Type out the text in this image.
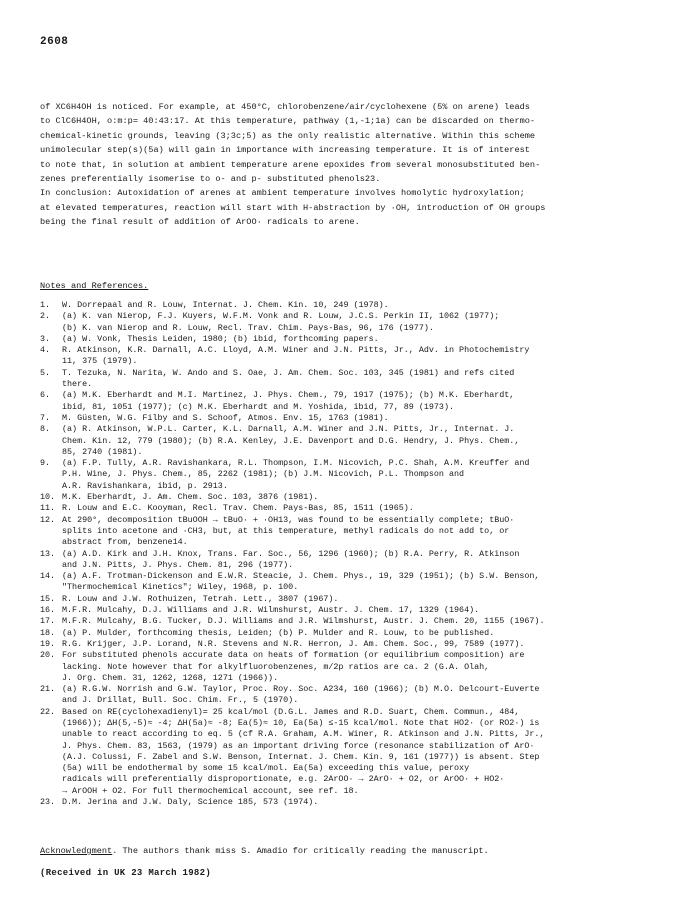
2608
of XC6H4OH is noticed. For example, at 450°C, chlorobenzene/air/cyclohexene (5% on arene) leads
to ClC6H4OH, o:m:p= 40:43:17. At this temperature, pathway (1,-1;1a) can be discarded on thermo-
chemical-kinetic grounds, leaving (3;3c;5) as the only realistic alternative. Within this scheme
unimolecular step(s)(5a) will gain in importance with increasing temperature. It is of interest
to note that, in solution at ambient temperature arene epoxides from several monosubstituted ben-
zenes preferentially isomerise to o- and p- substituted phenols23.
In conclusion: Autoxidation of arenes at ambient temperature involves homolytic hydroxylation;
at elevated temperatures, reaction will start with H-abstraction by ·OH, introduction of OH groups
being the final result of addition of ArOO· radicals to arene.
Notes and References.
1.	W. Dorrepaal and R. Louw, Internat. J. Chem. Kin. 10, 249 (1978).
2.	(a) K. van Nierop, F.J. Kuyers, W.F.M. Vonk and R. Louw, J.C.S. Perkin II, 1062 (1977);
(b) K. van Nierop and R. Louw, Recl. Trav. Chim. Pays-Bas, 96, 176 (1977).
3.	(a) W. Vonk, Thesis Leiden, 1980; (b) ibid, forthcoming papers.
4.	R. Atkinson, K.R. Darnall, A.C. Lloyd, A.M. Winer and J.N. Pitts, Jr., Adv. in Photochemistry
11, 375 (1979).
5.	T. Tezuka, N. Narita, W. Ando and S. Oae, J. Am. Chem. Soc. 103, 345 (1981) and refs cited
there.
6.	(a) M.K. Eberhardt and M.I. Martinez, J. Phys. Chem., 79, 1917 (1975); (b) M.K. Eberhardt,
ibid, 81, 1051 (1977); (c) M.K. Eberhardt and M. Yoshida, ibid, 77, 89 (1973).
7.	M. Güsten, W.G. Filby and S. Schoof, Atmos. Env. 15, 1763 (1981).
8.	(a) R. Atkinson, W.P.L. Carter, K.L. Darnall, A.M. Winer and J.N. Pitts, Jr., Internat. J.
Chem. Kin. 12, 779 (1980); (b) R.A. Kenley, J.E. Davenport and D.G. Hendry, J. Phys. Chem.,
85, 2740 (1981).
9.	(a) F.P. Tully, A.R. Ravishankara, R.L. Thompson, I.M. Nicovich, P.C. Shah, A.M. Kreuffer and
P.H. Wine, J. Phys. Chem., 85, 2262 (1981); (b) J.M. Nicovich, P.L. Thompson and
A.R. Ravishankara, ibid, p. 2913.
10. M.K. Eberhardt, J. Am. Chem. Soc. 103, 3876 (1981).
11. R. Louw and E.C. Kooyman, Recl. Trav. Chem. Pays-Bas, 85, 1511 (1965).
12. At 290°, decomposition tBuOOH → tBuO· + ·OH13, was found to be essentially complete; tBuO·
splits into acetone and ·CH3, but, at this temperature, methyl radicals do not add to, or
abstract from, benzene14.
13. (a) A.D. Kirk and J.H. Knox, Trans. Far. Soc., 56, 1296 (1960); (b) R.A. Perry, R. Atkinson
and J.N. Pitts, J. Phys. Chem. 81, 296 (1977).
14. (a) A.F. Trotman-Dickenson and E.W.R. Steacie, J. Chem. Phys., 19, 329 (1951); (b) S.W. Benson,
"Thermochemical Kinetics"; Wiley, 1968, p. 100.
15. R. Louw and J.W. Rothuizen, Tetrah. Lett., 3807 (1967).
16. M.F.R. Mulcahy, D.J. Williams and J.R. Wilmshurst, Austr. J. Chem. 17, 1329 (1964).
17. M.F.R. Mulcahy, B.G. Tucker, D.J. Williams and J.R. Wilmshurst, Austr. J. Chem. 20, 1155 (1967).
18. (a) P. Mulder, forthcoming thesis, Leiden; (b) P. Mulder and R. Louw, to be published.
19. R.G. Krijger, J.P. Lorand, N.R. Stevens and N.R. Herron, J. Am. Chem. Soc., 99, 7589 (1977).
20. For substituted phenols accurate data on heats of formation (or equilibrium composition) are
lacking. Note however that for alkylfluorobenzenes, m/2p ratios are ca. 2 (G.A. Olah,
J. Org. Chem. 31, 1262, 1268, 1271 (1966)).
21. (a) R.G.W. Norrish and G.W. Taylor, Proc. Roy. Soc. A234, 160 (1966); (b) M.O. Delcourt-Euverte
and J. Drillat, Bull. Soc. Chim. Fr., 5 (1970).
22. Based on RE(cyclohexadienyl)= 25 kcal/mol (D.G.L. James and R.D. Suart, Chem. Commun., 484,
(1966)); ΔH(5,-5)≈ -4; ΔH(5a)≈ -8; Ea(5)≈ 10, Ea(5a) ≤-15 kcal/mol. Note that HO2· (or RO2·) is
unable to react according to eq. 5 (cf R.A. Graham, A.M. Winer, R. Atkinson and J.N. Pitts, Jr.,
J. Phys. Chem. 83, 1563, (1979) as an important driving force (resonance stabilization of ArO·
(A.J. Colussi, F. Zabel and S.W. Benson, Internat. J. Chem. Kin. 9, 161 (1977)) is absent. Step
(5a) will be endothermal by some 15 kcal/mol. Ea(5a) exceeding this value, peroxy
radicals will preferentially disproportionate, e.g. 2ArOO· → 2ArO· + O2, or ArOO· + HO2·
→ ArOOH + O2. For full thermochemical account, see ref. 18.
23. D.M. Jerina and J.W. Daly, Science 185, 573 (1974).
Acknowledgment. The authors thank miss S. Amadio for critically reading the manuscript.
(Received in UK 23 March 1982)
